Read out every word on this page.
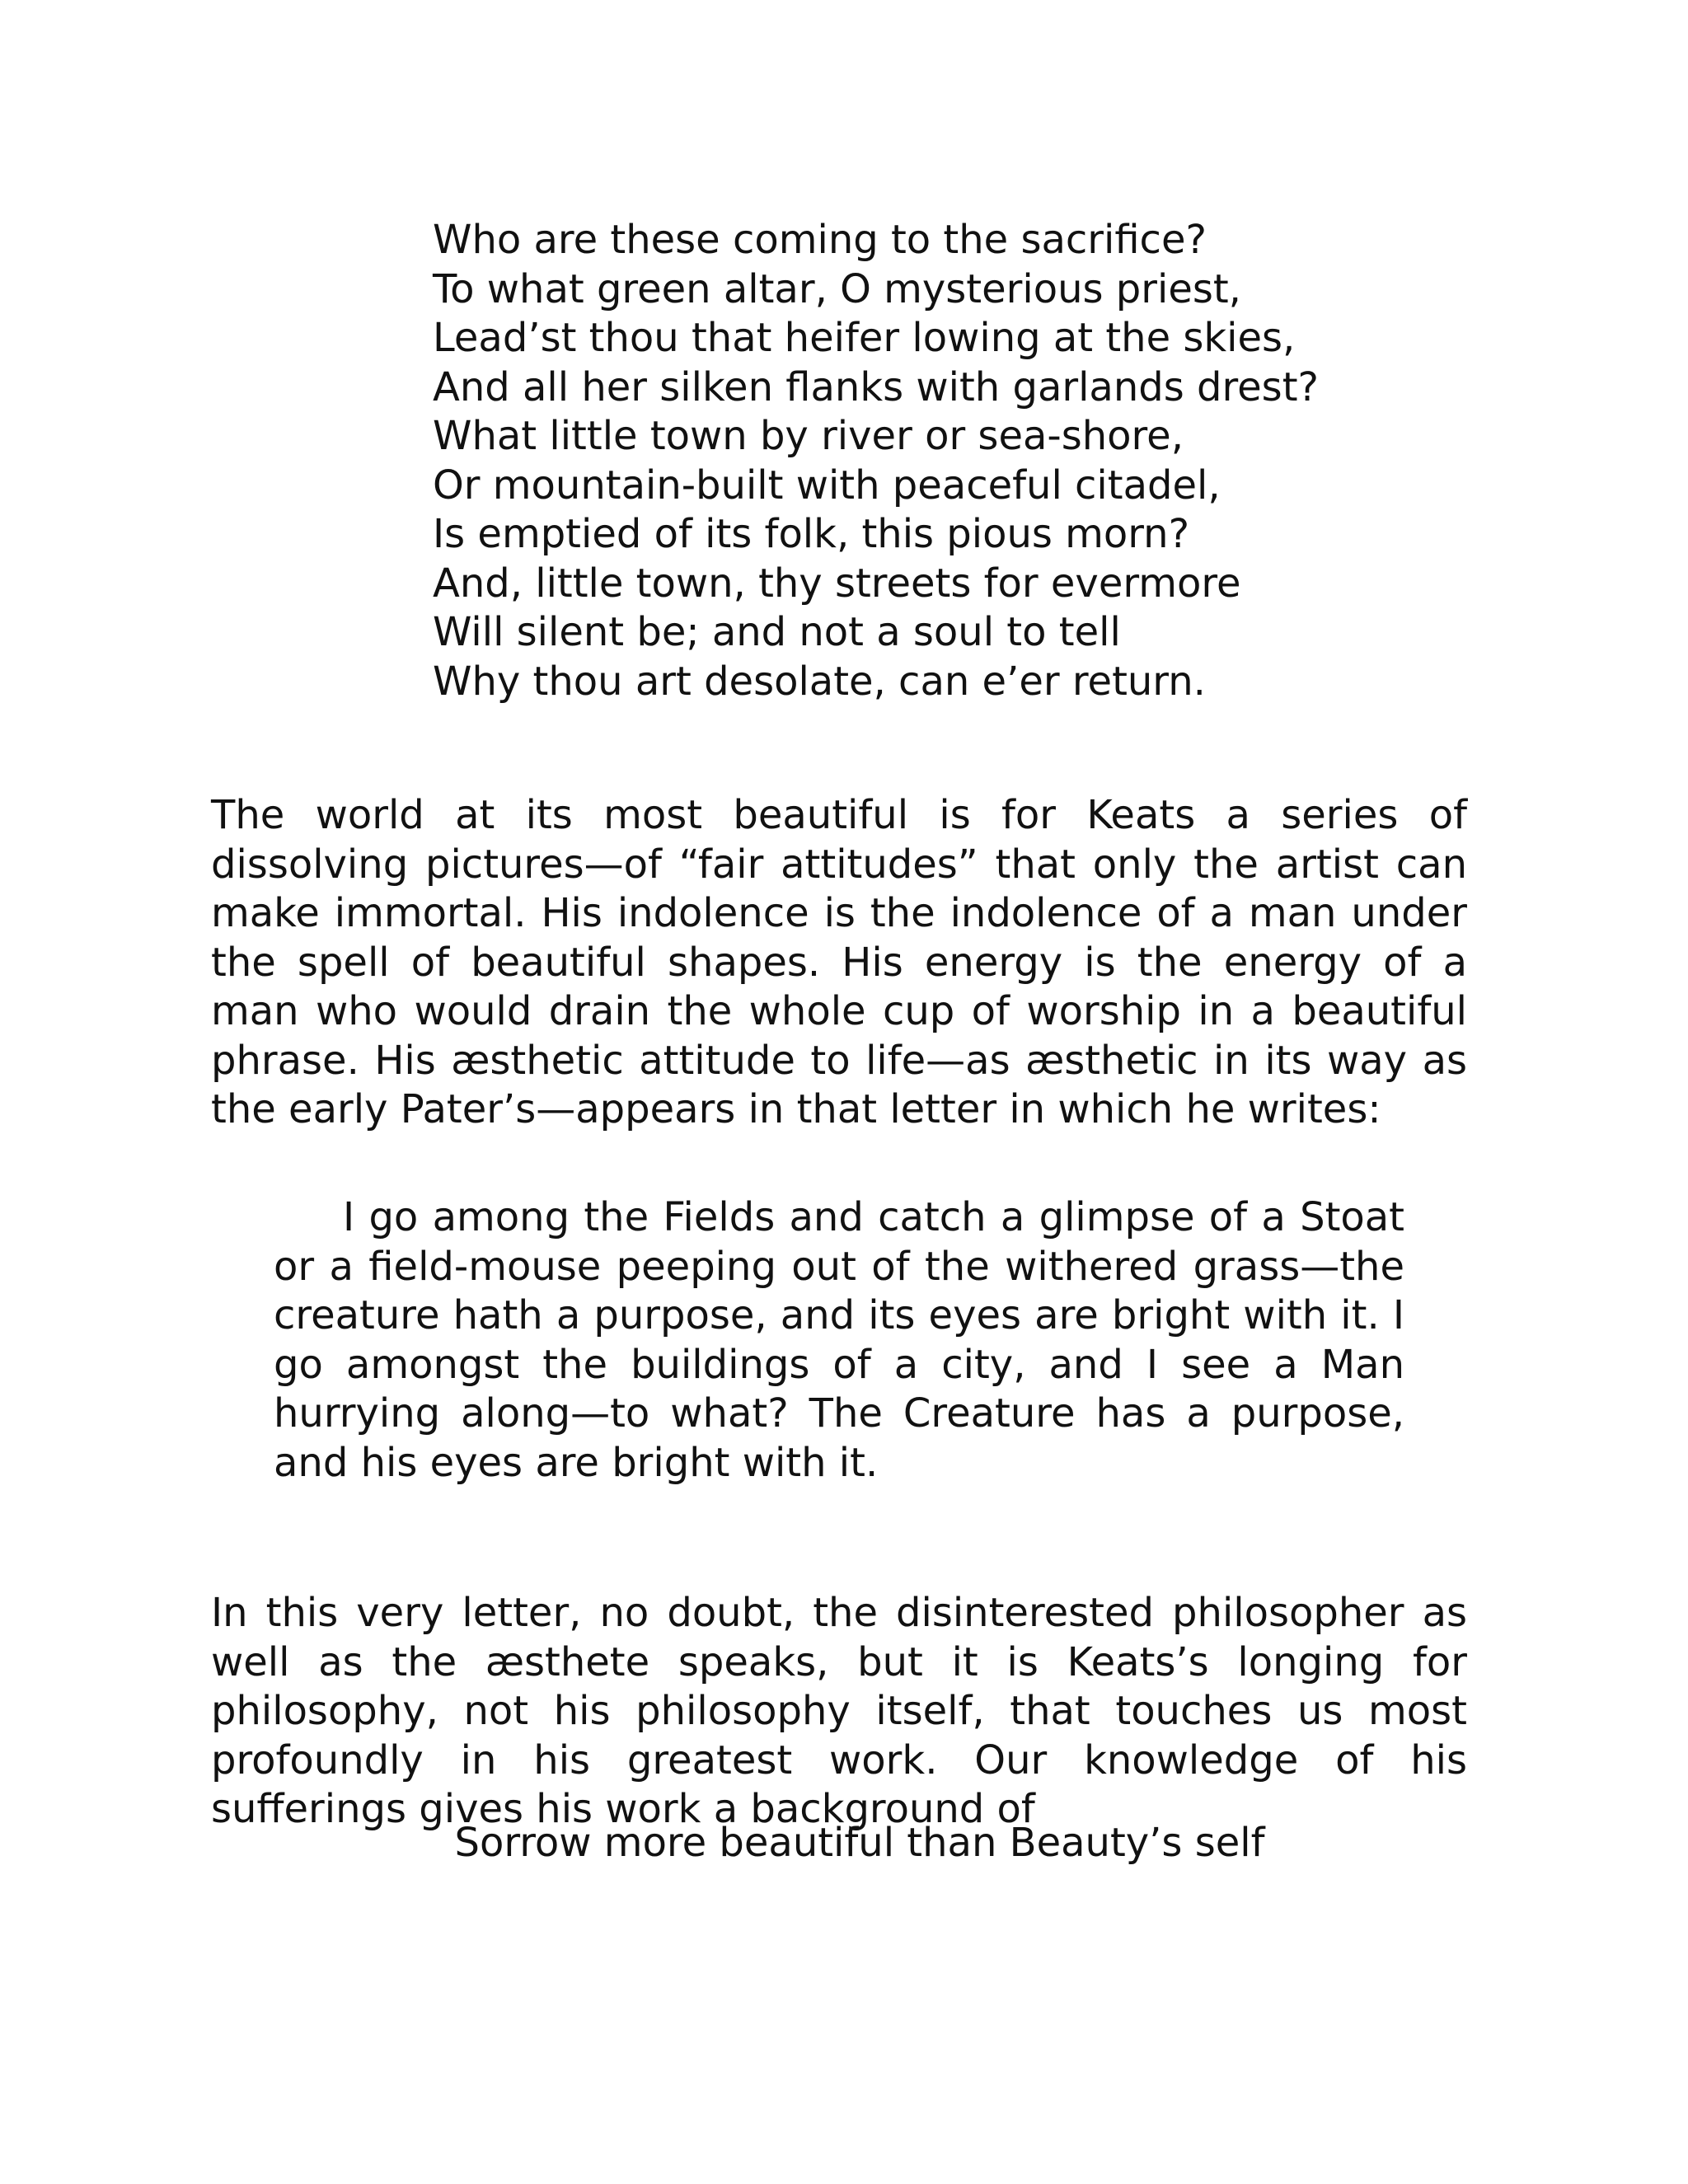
Who are these coming to the sacrifice?
To what green altar, O mysterious priest,
Lead’st thou that heifer lowing at the skies,
And all her silken flanks with garlands drest?
What little town by river or sea-shore,
Or mountain-built with peaceful citadel,
Is emptied of its folk, this pious morn?
And, little town, thy streets for evermore
Will silent be; and not a soul to tell
Why thou art desolate, can e’er return.

The world at its most beautiful is for Keats a series of dissolving pictures—of “fair attitudes” that only the artist can make immortal. His indolence is the indolence of a man under the spell of beautiful shapes. His energy is the energy of a man who would drain the whole cup of worship in a beautiful phrase. His æsthetic attitude to life—as æsthetic in its way as the early Pater’s—appears in that letter in which he writes:

I go among the Fields and catch a glimpse of a Stoat or a field-mouse peeping out of the withered grass—the creature hath a purpose, and its eyes are bright with it. I go amongst the buildings of a city, and I see a Man hurrying along—to what? The Creature has a purpose, and his eyes are bright with it.

In this very letter, no doubt, the disinterested philosopher as well as the æsthete speaks, but it is Keats’s longing for philosophy, not his philosophy itself, that touches us most profoundly in his greatest work. Our knowledge of his sufferings gives his work a background of

Sorrow more beautiful than Beauty’s self
